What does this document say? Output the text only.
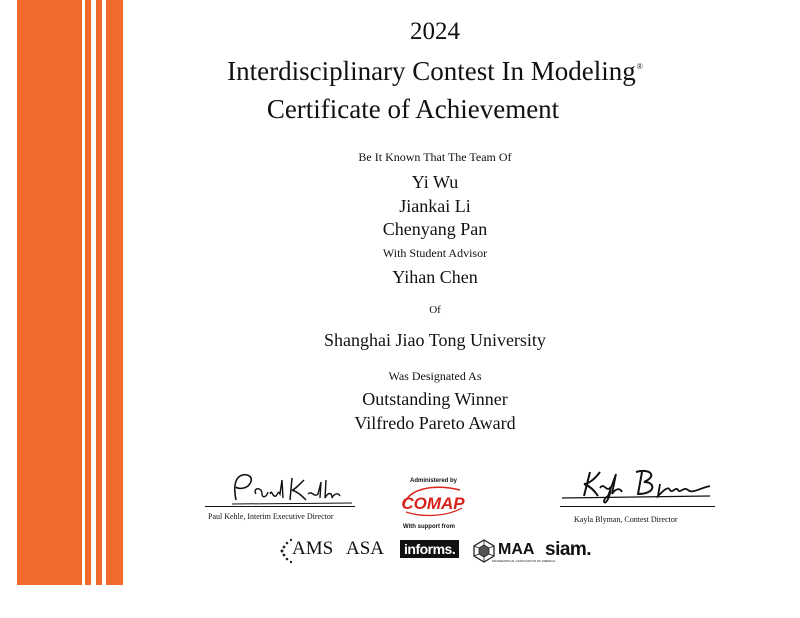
2024
Interdisciplinary Contest In Modeling®
Certificate of Achievement
Be It Known That The Team Of
Yi Wu
Jiankai Li
Chenyang Pan
With Student Advisor
Yihan Chen
Of
Shanghai Jiao Tong University
Was Designated As
Outstanding Winner
Vilfredo Pareto Award
Paul Kehle, Interim Executive Director	Kayla Blyman, Contest Director
Administered by
COMAP
With support from
AMS ASA informs.	MAA
MATHEMATICAL ASSOCIATION OF AMERICA
siam.
